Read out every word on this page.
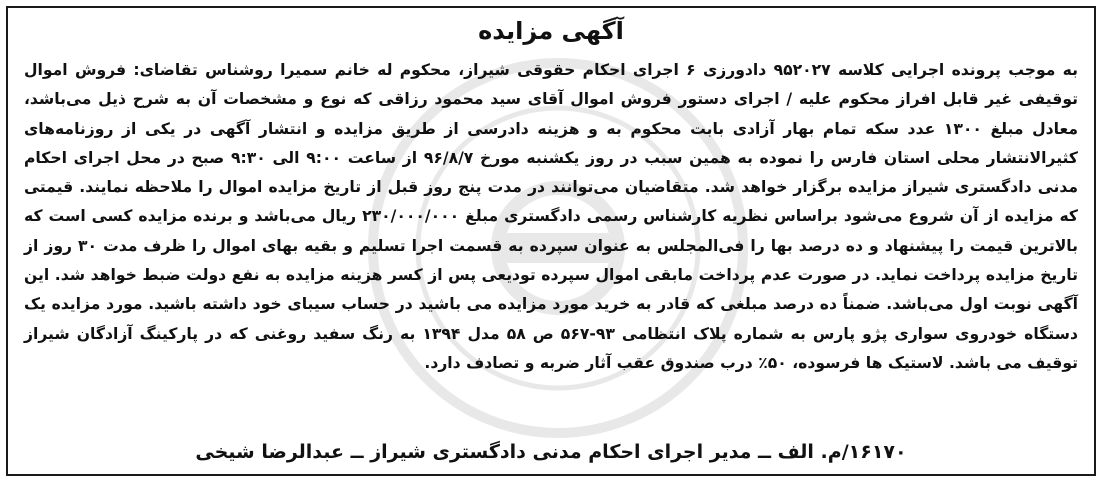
آگهی مزایده

به موجب پرونده اجرایی کلاسه ۹۵۲۰۲۷ دادورزی ۶ اجرای احکام حقوقی شیراز، محکوم له خانم سمیرا روشناس تقاضای: فروش اموال توقیفی غیر قابل افراز محکوم علیه / اجرای دستور فروش اموال آقای سید محمود رزاقی که نوع و مشخصات آن به شرح ذیل می‌باشد، معادل مبلغ ۱۳۰۰ عدد سکه تمام بهار آزادی بابت محکوم به و هزینه دادرسی از طریق مزایده و انتشار آگهی در یکی از روزنامه‌های کثیرالانتشار محلی استان فارس را نموده به همین سبب در روز یکشنبه مورخ ۹۶/۸/۷ از ساعت ۹:۰۰ الی ۹:۳۰ صبح در محل اجرای احکام مدنی دادگستری شیراز مزایده برگزار خواهد شد. متقاضیان می‌توانند در مدت پنج روز قبل از تاریخ مزایده اموال را ملاحظه نمایند. قیمتی که مزایده از آن شروع می‌شود براساس نظریه کارشناس رسمی دادگستری مبلغ ۲۳۰/۰۰۰/۰۰۰ ریال می‌باشد و برنده مزایده کسی است که بالاترین قیمت را پیشنهاد و ده درصد بها را فی‌المجلس به عنوان سپرده به قسمت اجرا تسلیم و بقیه بهای اموال را ظرف مدت ۳۰ روز از تاریخ مزایده پرداخت نماید. در صورت عدم پرداخت مابقی اموال سپرده تودیعی پس از کسر هزینه مزایده به نفع دولت ضبط خواهد شد. این آگهی نوبت اول می‌باشد. ضمناً ده درصد مبلغی که قادر به خرید مورد مزایده می باشید در حساب سیبای خود داشته باشید. مورد مزایده یک دستگاه خودروی سواری پژو پارس به شماره پلاک انتظامی ۹۳-۵۶۷ ص ۵۸ مدل ۱۳۹۴ به رنگ سفید روغنی که در پارکینگ آزادگان شیراز توقیف می باشد. لاستیک ها فرسوده، ۵۰٪ درب صندوق عقب آثار ضربه و تصادف دارد.

۱۶۱۷۰/م. الف ــ مدیر اجرای احکام مدنی دادگستری شیراز ــ عبدالرضا شیخی
